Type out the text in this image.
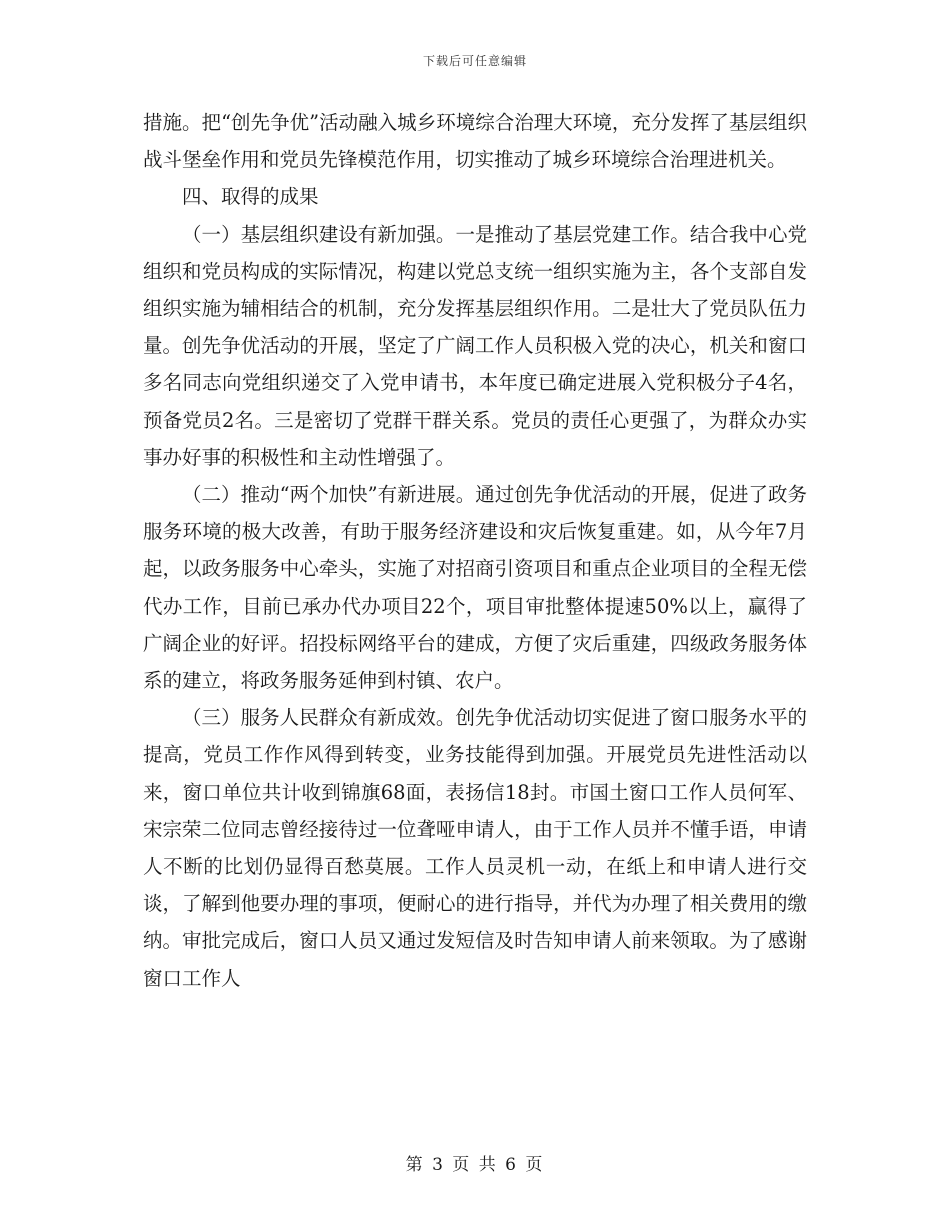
下载后可任意编辑

措施。把“创先争优”活动融入城乡环境综合治理大环境，充分发挥了基层组织战斗堡垒作用和党员先锋模范作用，切实推动了城乡环境综合治理进机关。

四、取得的成果

（一）基层组织建设有新加强。一是推动了基层党建工作。结合我中心党组织和党员构成的实际情况，构建以党总支统一组织实施为主，各个支部自发组织实施为辅相结合的机制，充分发挥基层组织作用。二是壮大了党员队伍力量。创先争优活动的开展，坚定了广阔工作人员积极入党的决心，机关和窗口多名同志向党组织递交了入党申请书，本年度已确定进展入党积极分子4名，预备党员2名。三是密切了党群干群关系。党员的责任心更强了，为群众办实事办好事的积极性和主动性增强了。

（二）推动“两个加快”有新进展。通过创先争优活动的开展，促进了政务服务环境的极大改善，有助于服务经济建设和灾后恢复重建。如，从今年7月起，以政务服务中心牵头，实施了对招商引资项目和重点企业项目的全程无偿代办工作，目前已承办代办项目22个，项目审批整体提速50%以上，赢得了广阔企业的好评。招投标网络平台的建成，方便了灾后重建，四级政务服务体系的建立，将政务服务延伸到村镇、农户。

（三）服务人民群众有新成效。创先争优活动切实促进了窗口服务水平的提高，党员工作作风得到转变，业务技能得到加强。开展党员先进性活动以来，窗口单位共计收到锦旗68面，表扬信18封。市国土窗口工作人员何军、宋宗荣二位同志曾经接待过一位聋哑申请人，由于工作人员并不懂手语，申请人不断的比划仍显得百愁莫展。工作人员灵机一动，在纸上和申请人进行交谈，了解到他要办理的事项，便耐心的进行指导，并代为办理了相关费用的缴纳。审批完成后，窗口人员又通过发短信及时告知申请人前来领取。为了感谢窗口工作人

第 3 页 共 6 页
